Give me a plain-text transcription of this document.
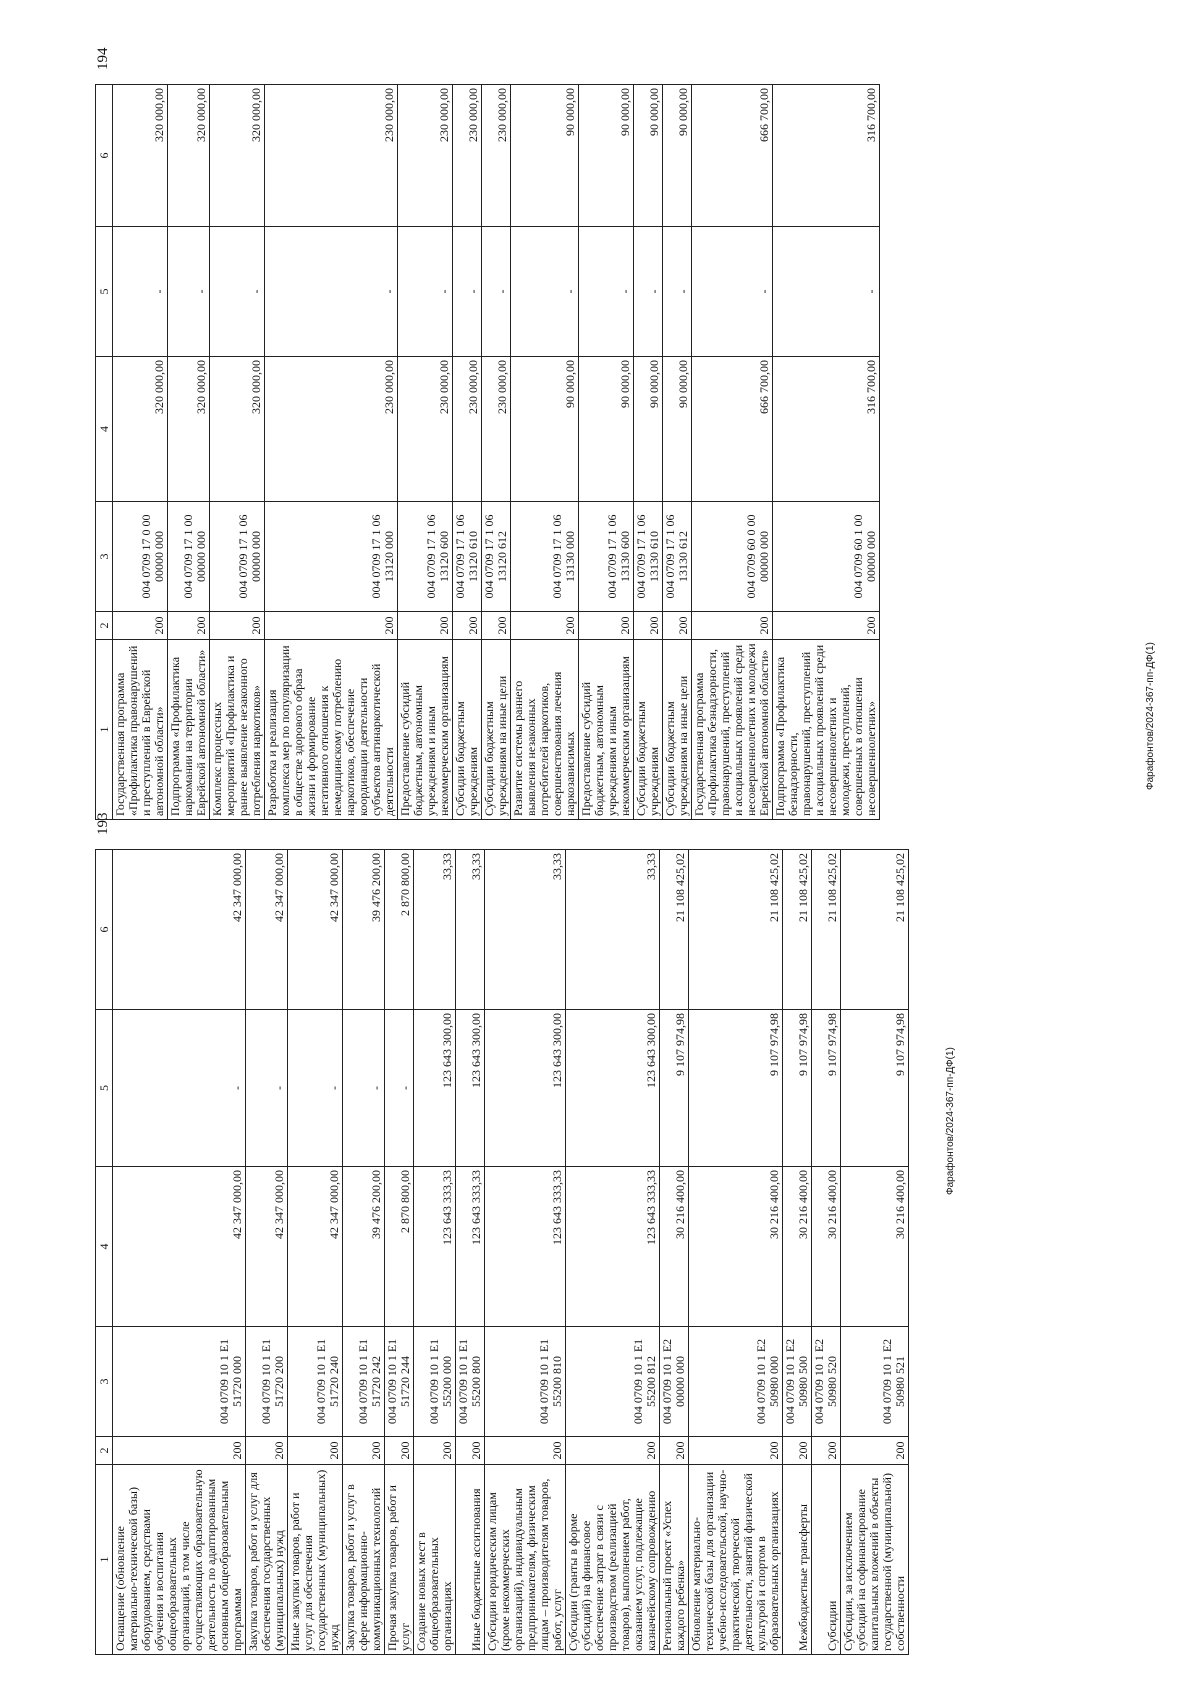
193
1	2	3	4	5	6
Оснащение (обновление материально-технической базы) оборудованием, средствами обучения и воспитания общеобразовательных организаций, в том числе осуществляющих образовательную деятельность по адаптированным основным общеобразовательным программам	200	004 0709 10 1 Е1 51720 000	42 347 000,00	-	42 347 000,00
Закупка товаров, работ и услуг для обеспечения государственных (муниципальных) нужд	200	004 0709 10 1 Е1 51720 200	42 347 000,00	-	42 347 000,00
Иные закупки товаров, работ и услуг для обеспечения государственных (муниципальных) нужд	200	004 0709 10 1 Е1 51720 240	42 347 000,00	-	42 347 000,00
Закупка товаров, работ и услуг в сфере информационно-коммуникационных технологий	200	004 0709 10 1 Е1 51720 242	39 476 200,00	-	39 476 200,00
Прочая закупка товаров, работ и услуг	200	004 0709 10 1 Е1 51720 244	2 870 800,00	-	2 870 800,00
Создание новых мест в общеобразовательных организациях	200	004 0709 10 1 Е1 55200 000	123 643 333,33	123 643 300,00	33,33
Иные бюджетные ассигнования	200	004 0709 10 1 Е1 55200 800	123 643 333,33	123 643 300,00	33,33
Субсидии юридическим лицам (кроме некоммерческих организаций), индивидуальным предпринимателям, физическим лицам – производителям товаров, работ, услуг	200	004 0709 10 1 Е1 55200 810	123 643 333,33	123 643 300,00	33,33
Субсидии (гранты в форме субсидий) на финансовое обеспечение затрат в связи с производством (реализацией товаров), выполнением работ, оказанием услуг, подлежащие казначейскому сопровождению	200	004 0709 10 1 Е1 55200 812	123 643 333,33	123 643 300,00	33,33
Региональный проект «Успех каждого ребенка»	200	004 0709 10 1 Е2 00000 000	30 216 400,00	9 107 974,98	21 108 425,02
Обновление материально-технической базы для организации учебно-исследовательской, научно-практической, творческой деятельности, занятий физической культурой и спортом в образовательных организациях	200	004 0709 10 1 Е2 50980 000	30 216 400,00	9 107 974,98	21 108 425,02
Межбюджетные трансферты	200	004 0709 10 1 Е2 50980 500	30 216 400,00	9 107 974,98	21 108 425,02
Субсидии	200	004 0709 10 1 Е2 50980 520	30 216 400,00	9 107 974,98	21 108 425,02
Субсидии, за исключением субсидий на софинансирование капитальных вложений в объекты государственной (муниципальной) собственности	200	004 0709 10 1 Е2 50980 521	30 216 400,00	9 107 974,98	21 108 425,02
Фарафонтов/2024-367-пп-ДФ(1)
194
1	2	3	4	5	6
Государственная программа «Профилактика правонарушений и преступлений в Еврейской автономной области»	200	004 0709 17 0 00 00000 000	320 000,00	-	320 000,00
Подпрограмма «Профилактика наркомании на территории Еврейской автономной области»	200	004 0709 17 1 00 00000 000	320 000,00	-	320 000,00
Комплекс процессных мероприятий «Профилактика и раннее выявление незаконного потребления наркотиков»	200	004 0709 17 1 06 00000 000	320 000,00	-	320 000,00
Разработка и реализация комплекса мер по популяризации в обществе здорового образа жизни и формирование негативного отношения к немедицинскому потреблению наркотиков, обеспечение координации деятельности субъектов антинаркотической деятельности	200	004 0709 17 1 06 13120 000	230 000,00	-	230 000,00
Предоставление субсидий бюджетным, автономным учреждениям и иным некоммерческим организациям	200	004 0709 17 1 06 13120 600	230 000,00	-	230 000,00
Субсидии бюджетным учреждениям	200	004 0709 17 1 06 13120 610	230 000,00	-	230 000,00
Субсидии бюджетным учреждениям на иные цели	200	004 0709 17 1 06 13120 612	230 000,00	-	230 000,00
Развитие системы раннего выявления незаконных потребителей наркотиков, совершенствования лечения наркозависимых	200	004 0709 17 1 06 13130 000	90 000,00	-	90 000,00
Предоставление субсидий бюджетным, автономным учреждениям и иным некоммерческим организациям	200	004 0709 17 1 06 13130 600	90 000,00	-	90 000,00
Субсидии бюджетным учреждениям	200	004 0709 17 1 06 13130 610	90 000,00	-	90 000,00
Субсидии бюджетным учреждениям на иные цели	200	004 0709 17 1 06 13130 612	90 000,00	-	90 000,00
Государственная программа «Профилактика безнадзорности, правонарушений, преступлений и асоциальных проявлений среди несовершеннолетних и молодежи Еврейской автономной области»	200	004 0709 60 0 00 00000 000	666 700,00	-	666 700,00
Подпрограмма «Профилактика безнадзорности, правонарушений, преступлений и асоциальных проявлений среди несовершеннолетних и молодежи, преступлений, совершенных в отношении несовершеннолетних»	200	004 0709 60 1 00 00000 000	316 700,00	-	316 700,00
Фарафонтов/2024-367-пп-ДФ(1)
